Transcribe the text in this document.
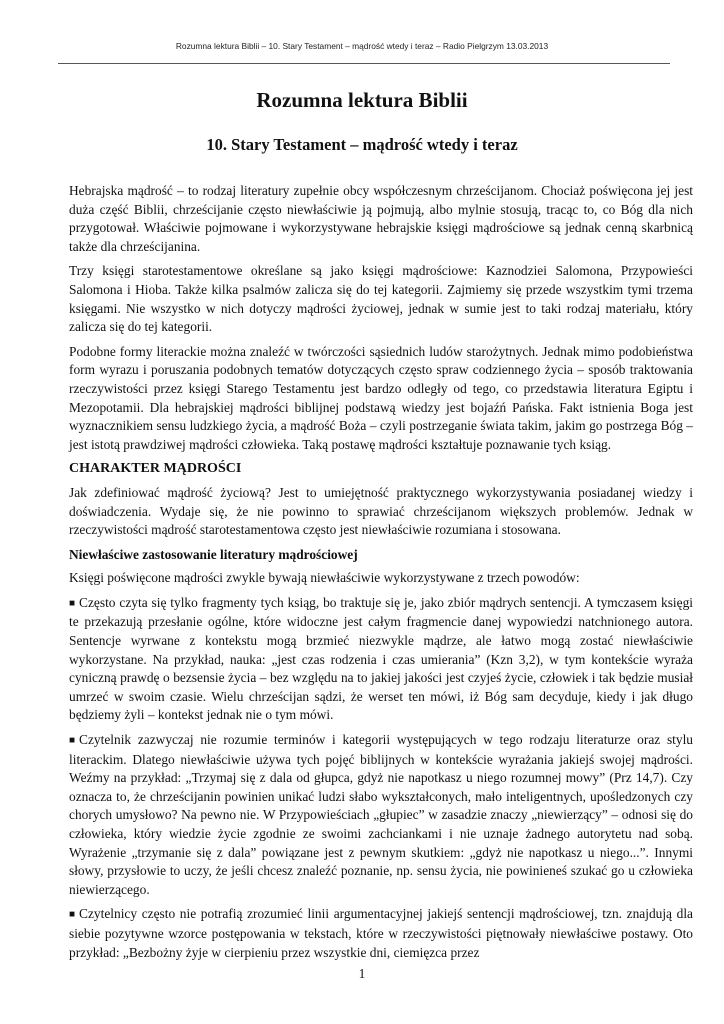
Rozumna lektura Biblii – 10. Stary Testament – mądrość wtedy i teraz – Radio Pielgrzym 13.03.2013
Rozumna lektura Biblii
10. Stary Testament – mądrość wtedy i teraz

Hebrajska mądrość – to rodzaj literatury zupełnie obcy współczesnym chrześcijanom. Chociaż poświęcona jej jest duża część Biblii, chrześcijanie często niewłaściwie ją pojmują, albo mylnie stosują, tracąc to, co Bóg dla nich przygotował. Właściwie pojmowane i wykorzystywane hebrajskie księgi mądrościowe są jednak cenną skarbnicą także dla chrześcijanina.

Trzy księgi starotestamentowe określane są jako księgi mądrościowe: Kaznodziei Salomona, Przypowieści Salomona i Hioba. Także kilka psalmów zalicza się do tej kategorii. Zajmiemy się przede wszystkim tymi trzema księgami. Nie wszystko w nich dotyczy mądrości życiowej, jednak w sumie jest to taki rodzaj materiału, który zalicza się do tej kategorii.

Podobne formy literackie można znaleźć w twórczości sąsiednich ludów starożytnych. Jednak mimo podobieństwa form wyrazu i poruszania podobnych tematów dotyczących często spraw codziennego życia – sposób traktowania rzeczywistości przez księgi Starego Testamentu jest bardzo odległy od tego, co przedstawia literatura Egiptu i Mezopotamii. Dla hebrajskiej mądrości biblijnej podstawą wiedzy jest bojaźń Pańska. Fakt istnienia Boga jest wyznacznikiem sensu ludzkiego życia, a mądrość Boża – czyli postrzeganie świata takim, jakim go postrzega Bóg – jest istotą prawdziwej mądrości człowieka. Taką postawę mądrości kształtuje poznawanie tych ksiąg.

CHARAKTER MĄDROŚCI

Jak zdefiniować mądrość życiową? Jest to umiejętność praktycznego wykorzystywania posiadanej wiedzy i doświadczenia. Wydaje się, że nie powinno to sprawiać chrześcijanom większych problemów. Jednak w rzeczywistości mądrość starotestamentowa często jest niewłaściwie rozumiana i stosowana.

Niewłaściwe zastosowanie literatury mądrościowej

Księgi poświęcone mądrości zwykle bywają niewłaściwie wykorzystywane z trzech powodów:

■ Często czyta się tylko fragmenty tych ksiąg, bo traktuje się je, jako zbiór mądrych sentencji. A tymczasem księgi te przekazują przesłanie ogólne, które widoczne jest całym fragmencie danej wypowiedzi natchnionego autora. Sentencje wyrwane z kontekstu mogą brzmieć niezwykle mądrze, ale łatwo mogą zostać niewłaściwie wykorzystane. Na przykład, nauka: „jest czas rodzenia i czas umierania” (Kzn 3,2), w tym kontekście wyraża cyniczną prawdę o bezsensie życia – bez względu na to jakiej jakości jest czyjeś życie, człowiek i tak będzie musiał umrzeć w swoim czasie. Wielu chrześcijan sądzi, że werset ten mówi, iż Bóg sam decyduje, kiedy i jak długo będziemy żyli – kontekst jednak nie o tym mówi.

■ Czytelnik zazwyczaj nie rozumie terminów i kategorii występujących w tego rodzaju literaturze oraz stylu literackim. Dlatego niewłaściwie używa tych pojęć biblijnych w kontekście wyrażania jakiejś swojej mądrości. Weźmy na przykład: „Trzymaj się z dala od głupca, gdyż nie napotkasz u niego rozumnej mowy” (Prz 14,7). Czy oznacza to, że chrześcijanin powinien unikać ludzi słabo wykształconych, mało inteligentnych, upośledzonych czy chorych umysłowo? Na pewno nie. W Przypowieściach „głupiec” w zasadzie znaczy „niewierzący” – odnosi się do człowieka, który wiedzie życie zgodnie ze swoimi zachciankami i nie uznaje żadnego autorytetu nad sobą. Wyrażenie „trzymanie się z dala” powiązane jest z pewnym skutkiem: „gdyż nie napotkasz u niego...”. Innymi słowy, przysłowie to uczy, że jeśli chcesz znaleźć poznanie, np. sensu życia, nie powinieneś szukać go u człowieka niewierzącego.

■ Czytelnicy często nie potrafią zrozumieć linii argumentacyjnej jakiejś sentencji mądrościowej, tzn. znajdują dla siebie pozytywne wzorce postępowania w tekstach, które w rzeczywistości piętnowały niewłaściwe postawy. Oto przykład: „Bezbożny żyje w cierpieniu przez wszystkie dni, ciemięzca przez

1
